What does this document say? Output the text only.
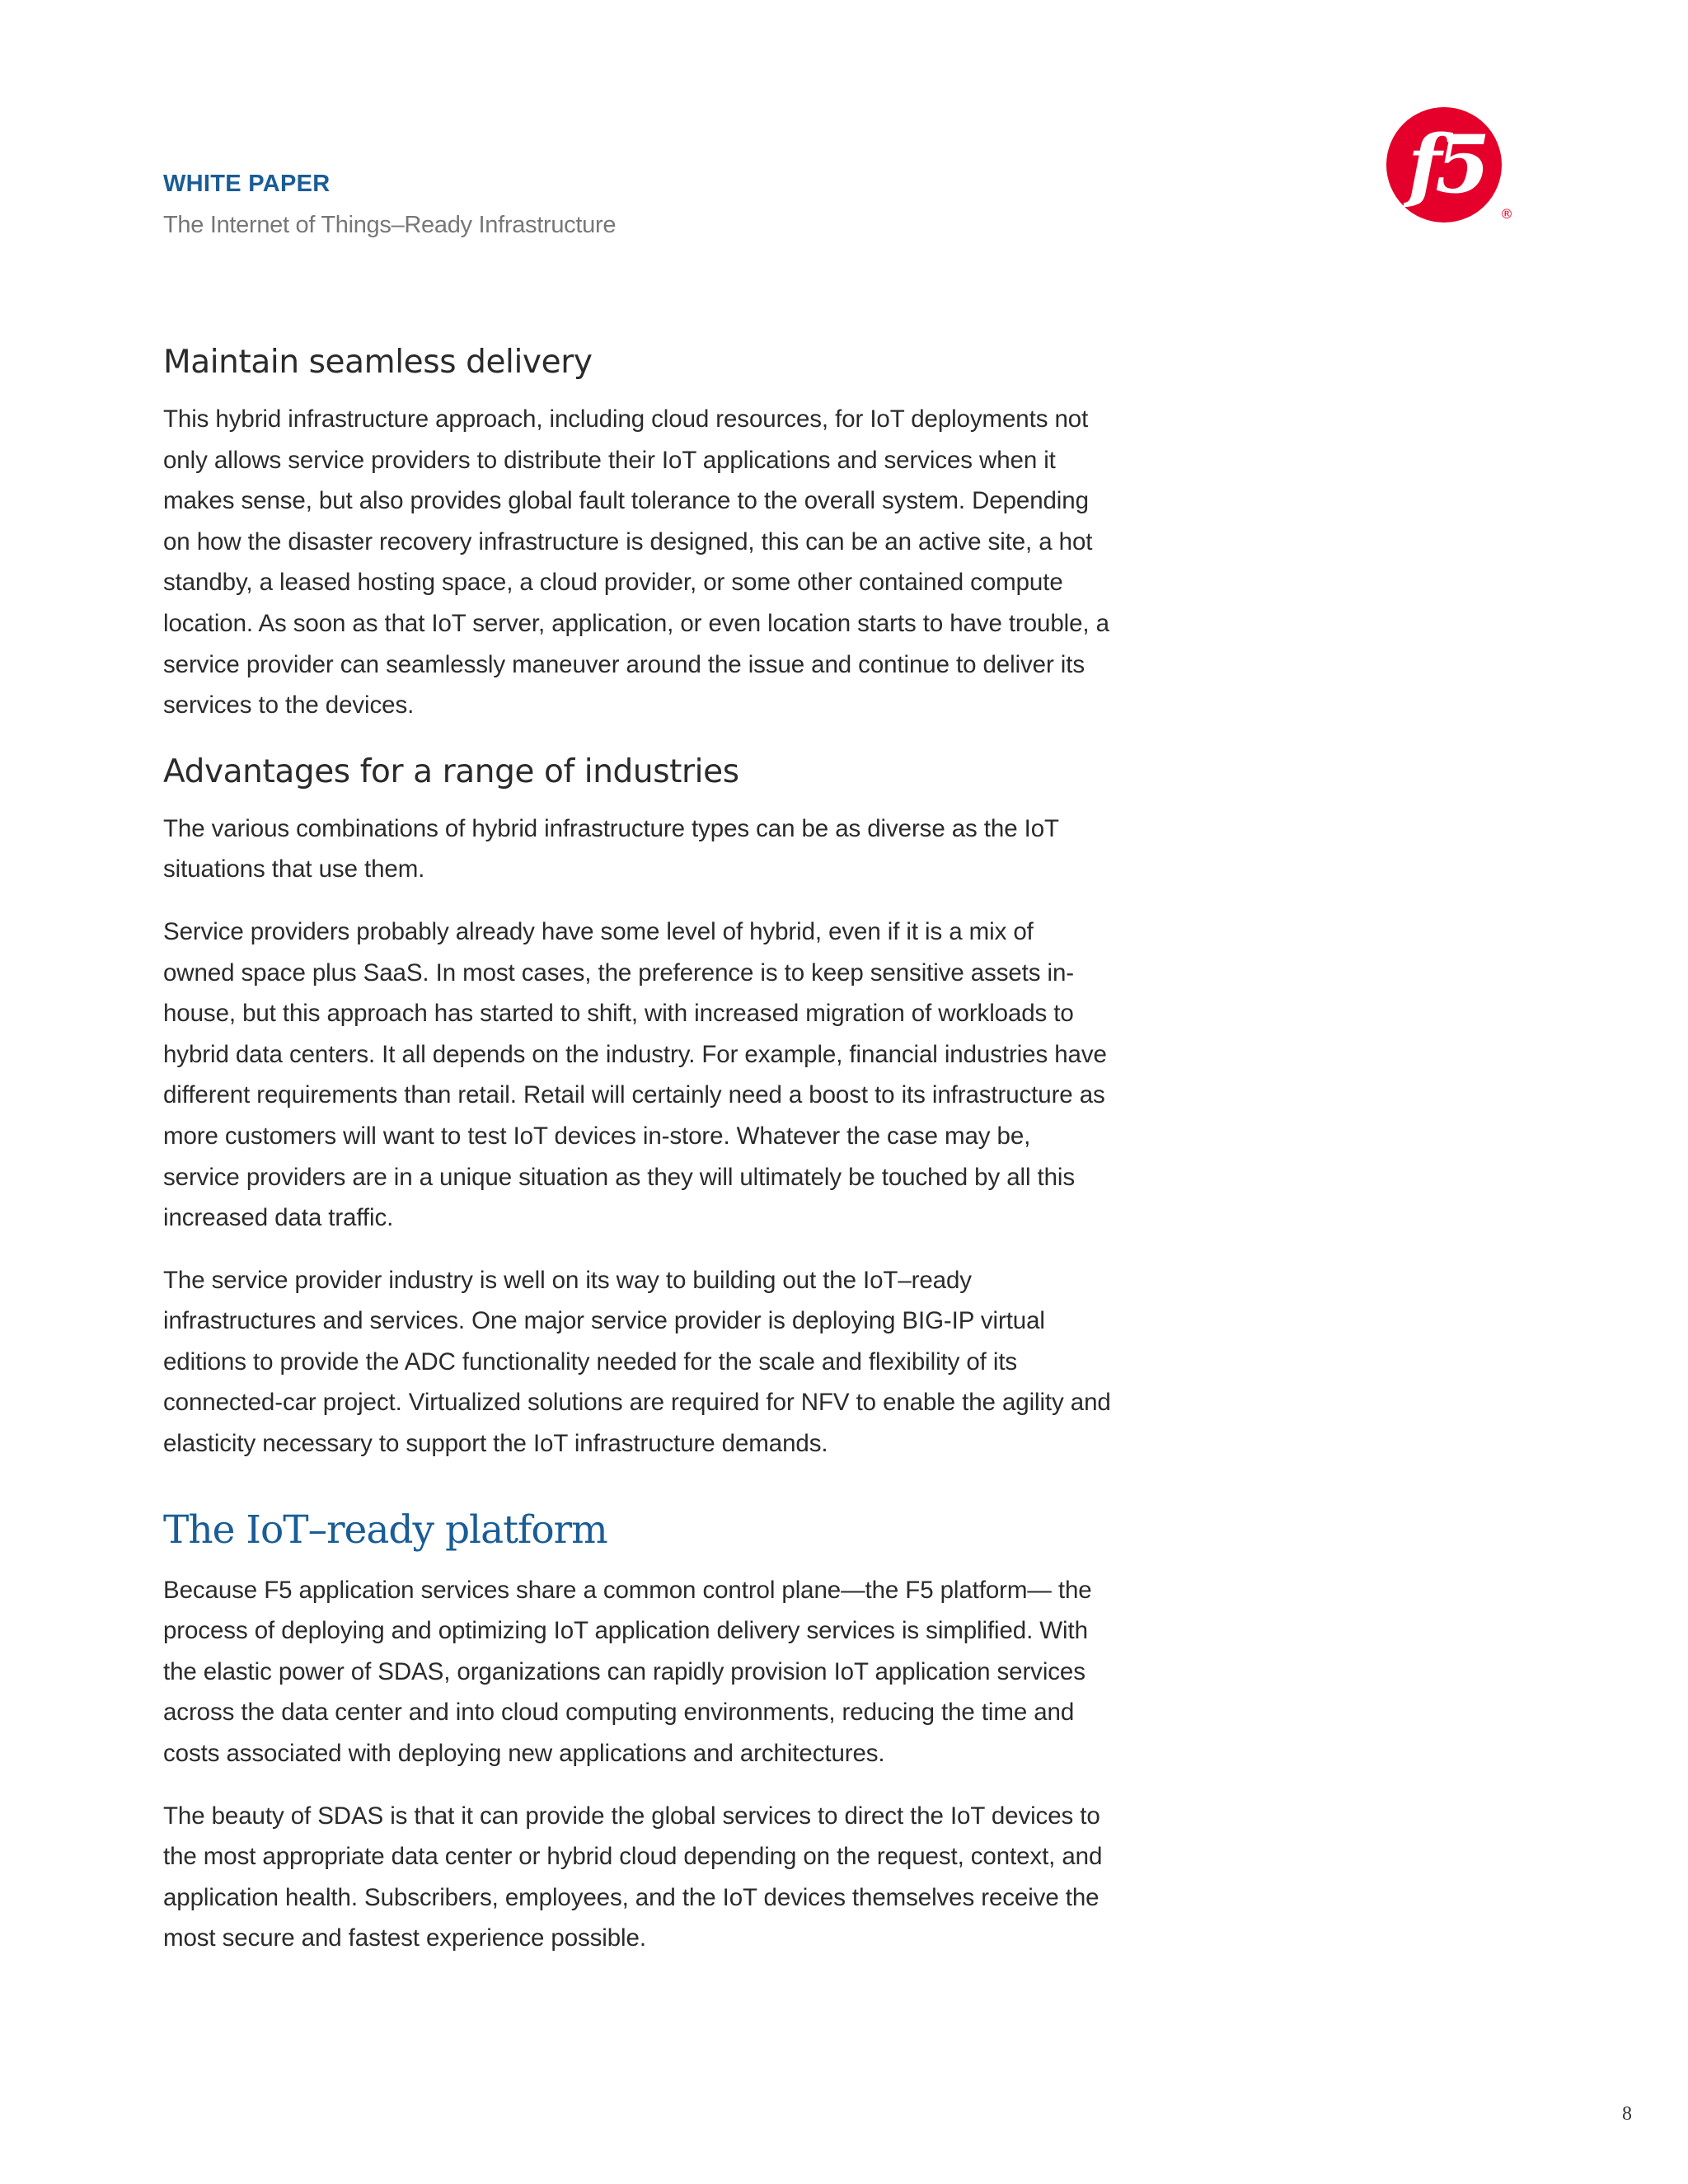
WHITE PAPER
The Internet of Things–Ready Infrastructure
f5
®
Maintain seamless delivery

This hybrid infrastructure approach, including cloud resources, for IoT deployments not only allows service providers to distribute their IoT applications and services when it makes sense, but also provides global fault tolerance to the overall system. Depending on how the disaster recovery infrastructure is designed, this can be an active site, a hot standby, a leased hosting space, a cloud provider, or some other contained compute location. As soon as that IoT server, application, or even location starts to have trouble, a service provider can seamlessly maneuver around the issue and continue to deliver its services to the devices.

Advantages for a range of industries

The various combinations of hybrid infrastructure types can be as diverse as the IoT situations that use them.

Service providers probably already have some level of hybrid, even if it is a mix of owned space plus SaaS. In most cases, the preference is to keep sensitive assets in-house, but this approach has started to shift, with increased migration of workloads to hybrid data centers. It all depends on the industry. For example, financial industries have different requirements than retail. Retail will certainly need a boost to its infrastructure as more customers will want to test IoT devices in-store. Whatever the case may be, service providers are in a unique situation as they will ultimately be touched by all this increased data traffic.

The service provider industry is well on its way to building out the IoT–ready infrastructures and services. One major service provider is deploying BIG-IP virtual editions to provide the ADC functionality needed for the scale and flexibility of its connected-car project. Virtualized solutions are required for NFV to enable the agility and elasticity necessary to support the IoT infrastructure demands.

The IoT–ready platform

Because F5 application services share a common control plane—the F5 platform— the process of deploying and optimizing IoT application delivery services is simplified. With the elastic power of SDAS, organizations can rapidly provision IoT application services across the data center and into cloud computing environments, reducing the time and costs associated with deploying new applications and architectures.

The beauty of SDAS is that it can provide the global services to direct the IoT devices to the most appropriate data center or hybrid cloud depending on the request, context, and application health. Subscribers, employees, and the IoT devices themselves receive the most secure and fastest experience possible.

8
